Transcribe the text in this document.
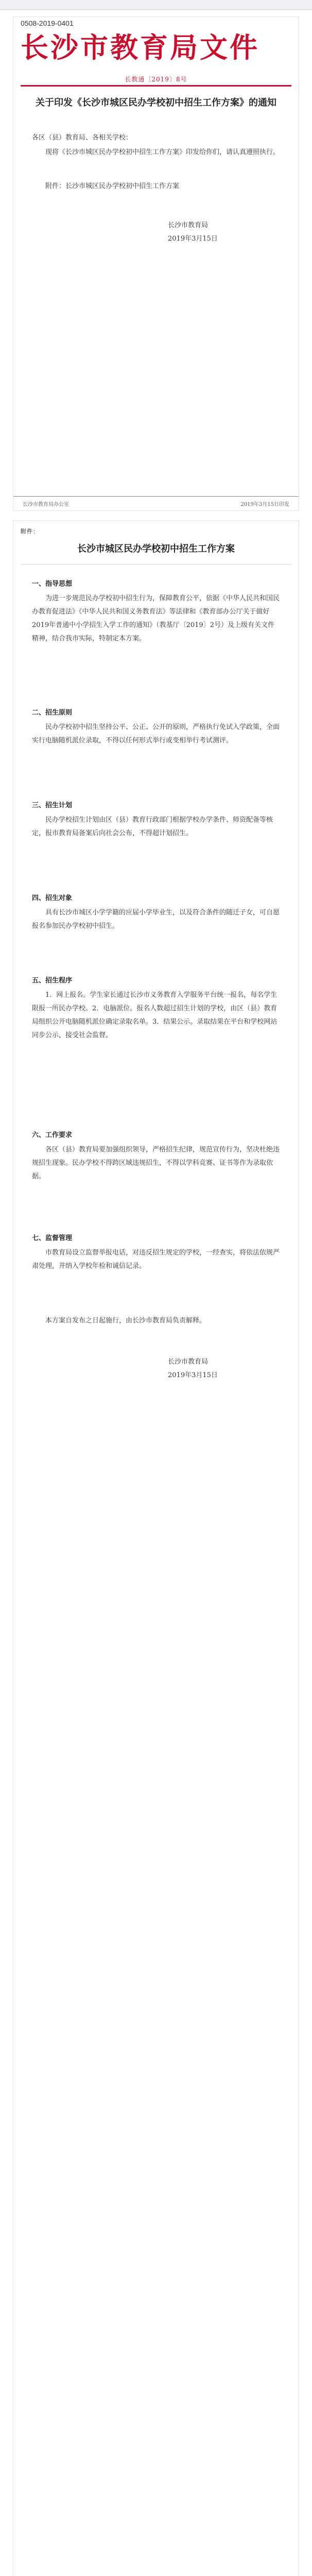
0508-2019-0401
长沙市教育局文件
长教通〔2019〕8号
关于印发《长沙市城区民办学校初中招生工作方案》的通知
各区（县）教育局、各相关学校：
现将《长沙市城区民办学校初中招生工作方案》印发给你们，请认真遵照执行。
附件：长沙市城区民办学校初中招生工作方案
长沙市教育局
2019年3月15日
长沙市教育局办公室	2019年3月15日印发
附件：
长沙市城区民办学校初中招生工作方案
一、指导思想
为进一步规范民办学校初中招生行为，保障教育公平，依据《中华人民共和国民办教育促进法》《中华人民共和国义务教育法》等法律和《教育部办公厅关于做好2019年普通中小学招生入学工作的通知》（教基厅〔2019〕2号）及上级有关文件精神，结合我市实际，特制定本方案。
二、招生原则
民办学校初中招生坚持公平、公正、公开的原则，严格执行免试入学政策，全面实行电脑随机派位录取，不得以任何形式举行或变相举行考试测评。
三、招生计划
民办学校招生计划由区（县）教育行政部门根据学校办学条件、师资配备等核定，报市教育局备案后向社会公布，不得超计划招生。
四、招生对象
具有长沙市城区小学学籍的应届小学毕业生，以及符合条件的随迁子女，可自愿报名参加民办学校初中招生。
五、招生程序
1．网上报名。学生家长通过长沙市义务教育入学服务平台统一报名，每名学生限报一所民办学校。2．电脑派位。报名人数超过招生计划的学校，由区（县）教育局组织公开电脑随机派位确定录取名单。3．结果公示。录取结果在平台和学校网站同步公示，接受社会监督。
六、工作要求
各区（县）教育局要加强组织领导，严格招生纪律，规范宣传行为，坚决杜绝违规招生现象。民办学校不得跨区域违规招生，不得以学科竞赛、证书等作为录取依据。
七、监督管理
市教育局设立监督举报电话，对违反招生规定的学校，一经查实，将依法依规严肃处理，并纳入学校年检和诚信记录。
本方案自发布之日起施行，由长沙市教育局负责解释。
长沙市教育局
2019年3月15日
